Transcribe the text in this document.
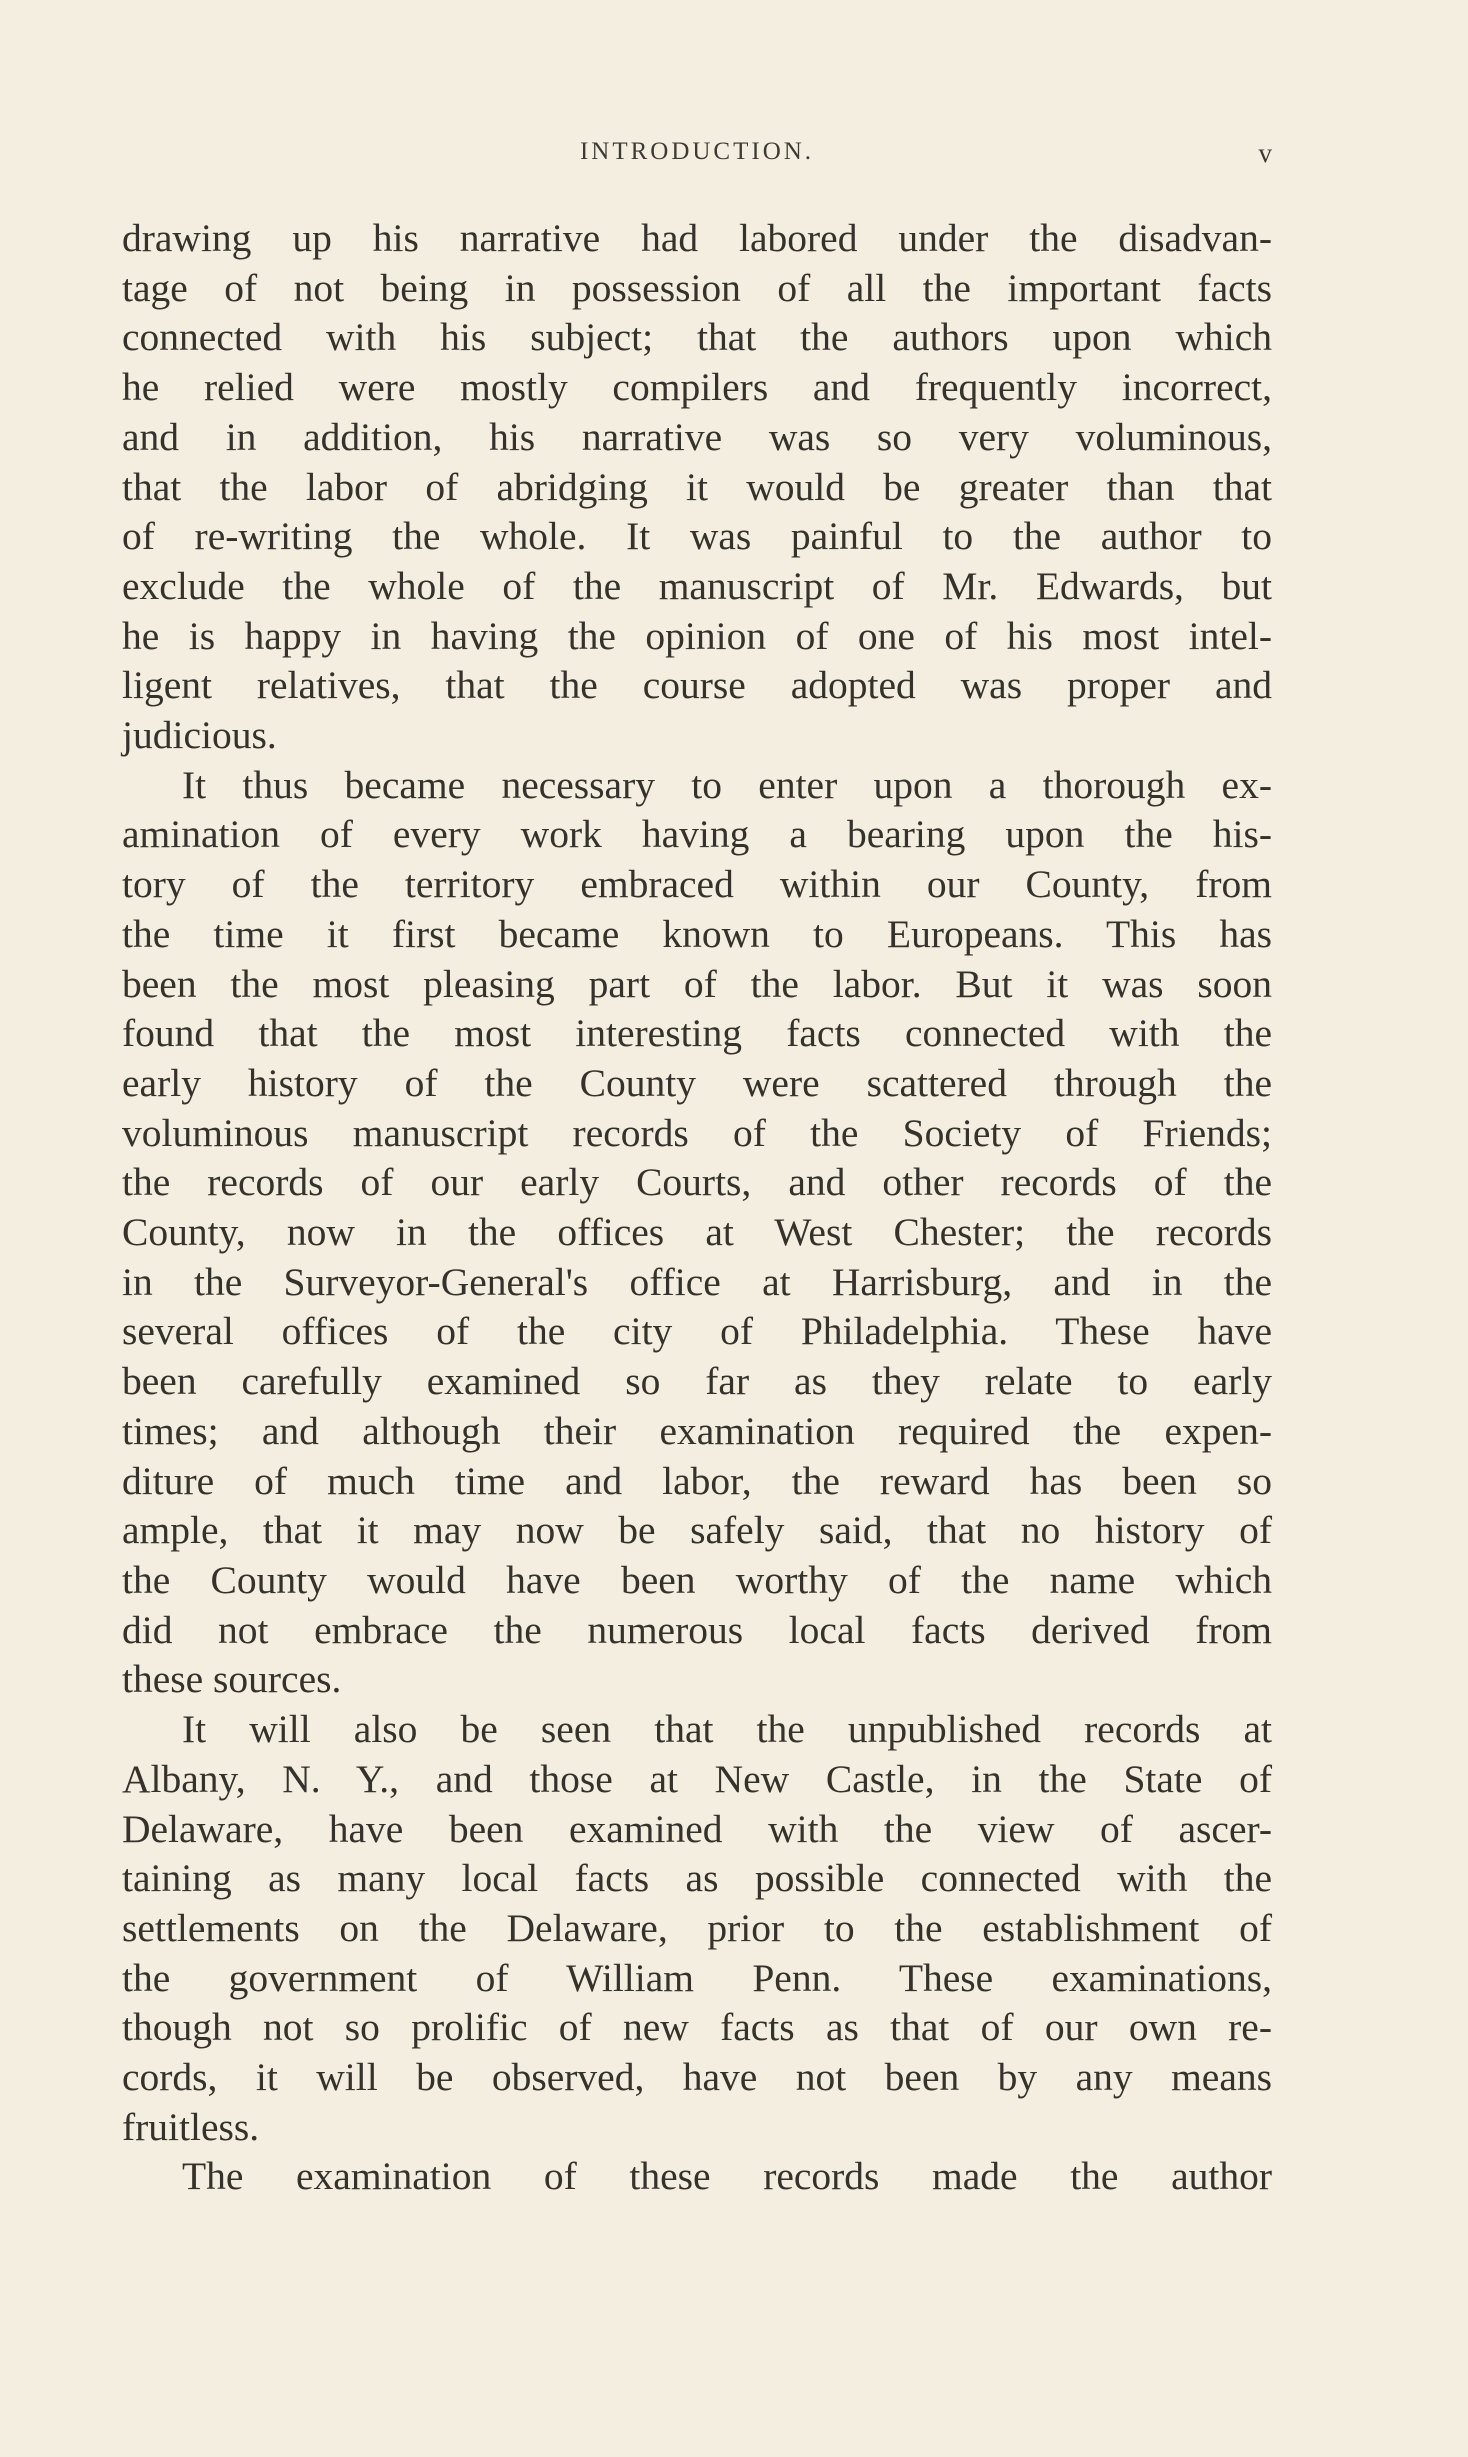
INTRODUCTION.	v
drawing up his narrative had labored under the disadvan-
tage of not being in possession of all the important facts
connected with his subject; that the authors upon which
he relied were mostly compilers and frequently incorrect,
and in addition, his narrative was so very voluminous,
that the labor of abridging it would be greater than that
of re-writing the whole. It was painful to the author to
exclude the whole of the manuscript of Mr. Edwards, but
he is happy in having the opinion of one of his most intel-
ligent relatives, that the course adopted was proper and
judicious.
It thus became necessary to enter upon a thorough ex-
amination of every work having a bearing upon the his-
tory of the territory embraced within our County, from
the time it first became known to Europeans. This has
been the most pleasing part of the labor. But it was soon
found that the most interesting facts connected with the
early history of the County were scattered through the
voluminous manuscript records of the Society of Friends;
the records of our early Courts, and other records of the
County, now in the offices at West Chester; the records
in the Surveyor-General's office at Harrisburg, and in the
several offices of the city of Philadelphia. These have
been carefully examined so far as they relate to early
times; and although their examination required the expen-
diture of much time and labor, the reward has been so
ample, that it may now be safely said, that no history of
the County would have been worthy of the name which
did not embrace the numerous local facts derived from
these sources.
It will also be seen that the unpublished records at
Albany, N. Y., and those at New Castle, in the State of
Delaware, have been examined with the view of ascer-
taining as many local facts as possible connected with the
settlements on the Delaware, prior to the establishment of
the government of William Penn. These examinations,
though not so prolific of new facts as that of our own re-
cords, it will be observed, have not been by any means
fruitless.
The examination of these records made the author
